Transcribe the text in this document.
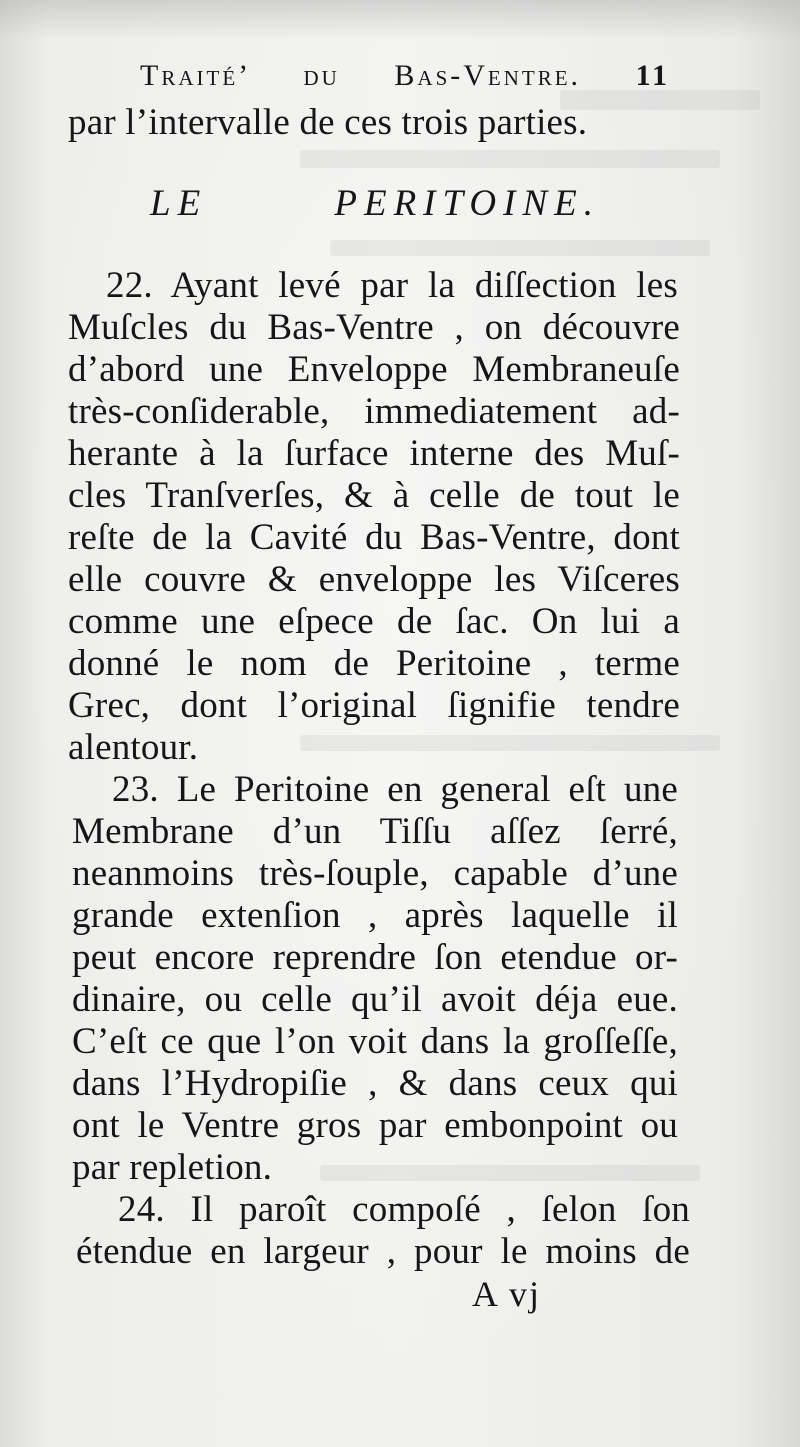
Traité’ du Bas-Ventre. 11
par l’intervalle de ces trois parties.
LE PERITOINE.
22. Ayant levé par la diſſection les
Muſcles du Bas-Ventre , on découvre
d’abord une Enveloppe Membraneuſe
très-conſiderable, immediatement ad-
herante à la ſurface interne des Muſ-
cles Tranſverſes, & à celle de tout le
reſte de la Cavité du Bas-Ventre, dont
elle couvre & enveloppe les Viſceres
comme une eſpece de ſac. On lui a
donné le nom de Peritoine , terme
Grec, dont l’original ſignifie tendre
alentour.
23. Le Peritoine en general eſt une
Membrane d’un Tiſſu aſſez ſerré,
neanmoins très-ſouple, capable d’une
grande extenſion , après laquelle il
peut encore reprendre ſon etendue or-
dinaire, ou celle qu’il avoit déja eue.
C’eſt ce que l’on voit dans la groſſeſſe,
dans l’Hydropiſie , & dans ceux qui
ont le Ventre gros par embonpoint ou
par repletion.
24. Il paroît compoſé , ſelon ſon
étendue en largeur , pour le moins de
A vj
